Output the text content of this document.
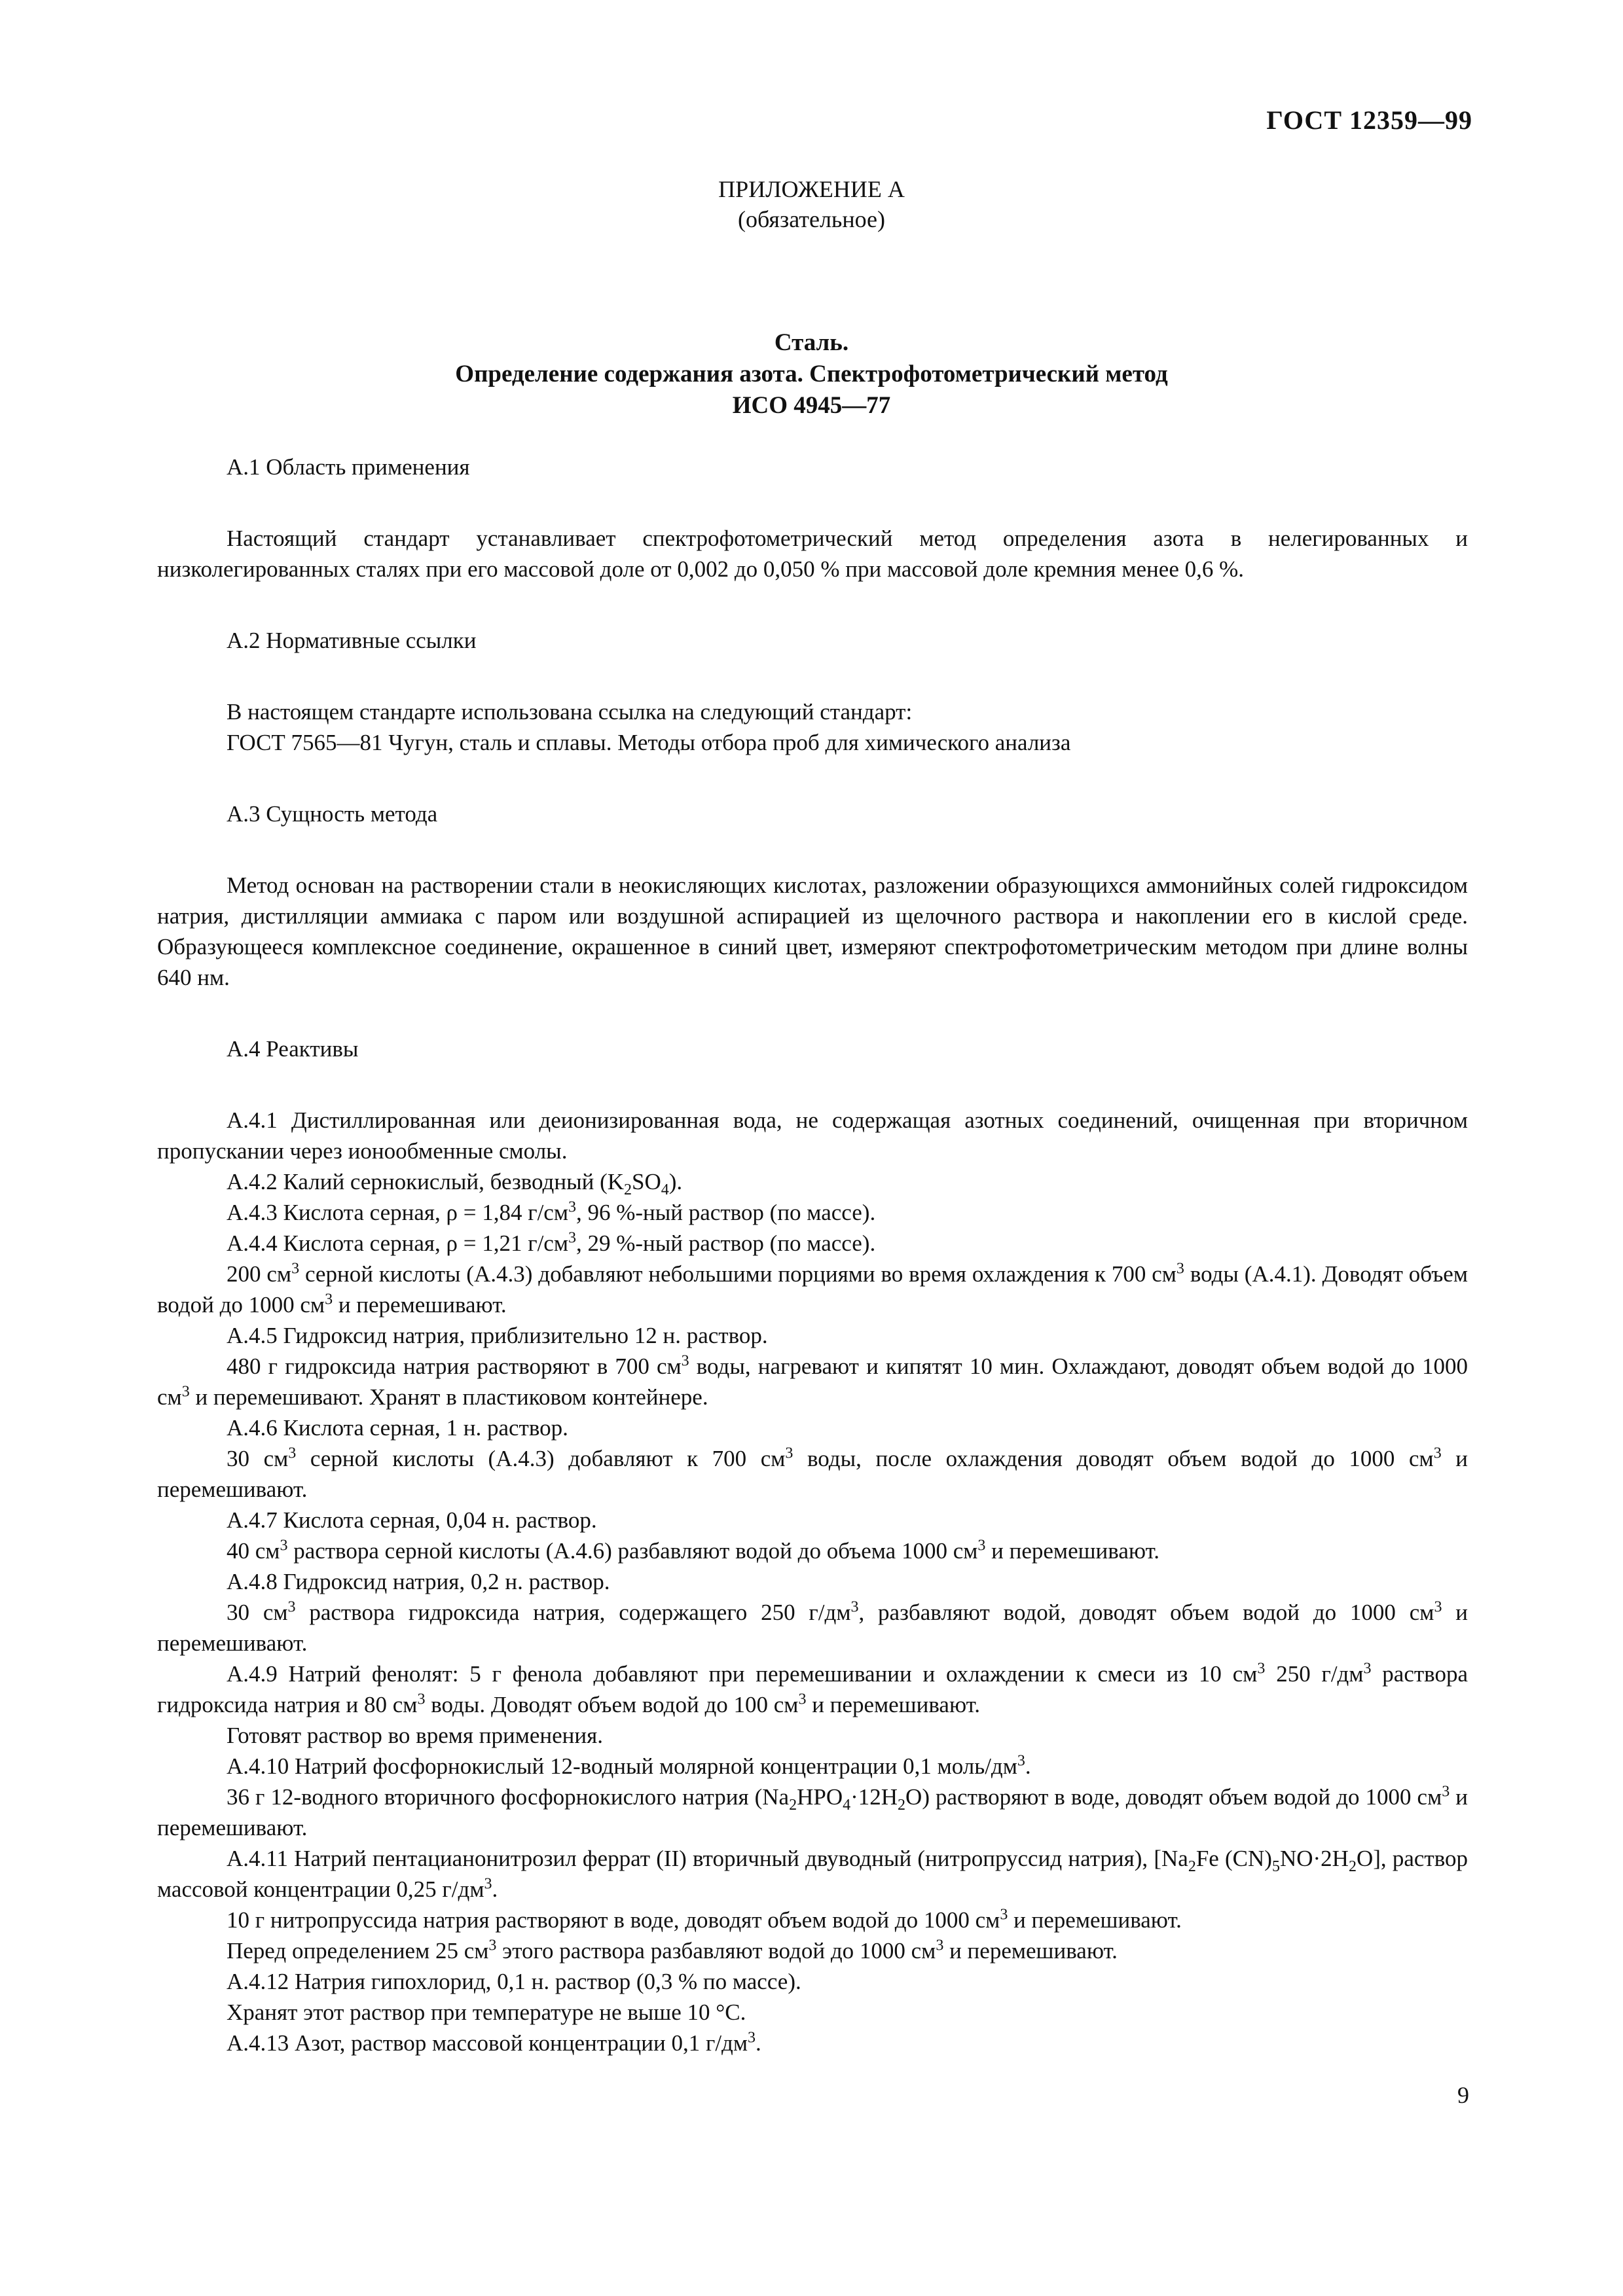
ГОСТ 12359—99
ПРИЛОЖЕНИЕ А
(обязательное)
Сталь.
Определение содержания азота. Спектрофотометрический метод
ИСО 4945—77

А.1 Область применения

Настоящий стандарт устанавливает спектрофотометрический метод определения азота в нелегированных и низколегированных сталях при его массовой доле от 0,002 до 0,050 % при массовой доле кремния менее 0,6 %.

А.2 Нормативные ссылки

В настоящем стандарте использована ссылка на следующий стандарт:

ГОСТ 7565—81 Чугун, сталь и сплавы. Методы отбора проб для химического анализа

А.3 Сущность метода

Метод основан на растворении стали в неокисляющих кислотах, разложении образующихся аммонийных солей гидроксидом натрия, дистилляции аммиака с паром или воздушной аспирацией из щелочного раствора и накоплении его в кислой среде. Образующееся комплексное соединение, окрашенное в синий цвет, измеряют спектрофотометрическим методом при длине волны 640 нм.

А.4 Реактивы

А.4.1 Дистиллированная или деионизированная вода, не содержащая азотных соединений, очищенная при вторичном пропускании через ионообменные смолы.

А.4.2 Калий сернокислый, безводный $(K_2SO_4)$.

А.4.3 Кислота серная, ρ = 1,84 $г/см^3$, 96 %-ный раствор (по массе).

А.4.4 Кислота серная, ρ = 1,21 $г/см^3$, 29 %-ный раствор (по массе).

200 $см^3$ серной кислоты (А.4.3) добавляют небольшими порциями во время охлаждения к 700 $см^3$ воды (А.4.1). Доводят объем водой до 1000 $см^3$ и перемешивают.

А.4.5 Гидроксид натрия, приблизительно 12 н. раствор.

480 г гидроксида натрия растворяют в 700 $см^3$ воды, нагревают и кипятят 10 мин. Охлаждают, доводят объем водой до 1000 $см^3$ и перемешивают. Хранят в пластиковом контейнере.

А.4.6 Кислота серная, 1 н. раствор.

30 $см^3$ серной кислоты (А.4.3) добавляют к 700 $см^3$ воды, после охлаждения доводят объем водой до 1000 $см^3$ и перемешивают.

А.4.7 Кислота серная, 0,04 н. раствор.

40 $см^3$ раствора серной кислоты (А.4.6) разбавляют водой до объема 1000 $см^3$ и перемешивают.

А.4.8 Гидроксид натрия, 0,2 н. раствор.

30 $см^3$ раствора гидроксида натрия, содержащего 250 $г/дм^3$, разбавляют водой, доводят объем водой до 1000 $см^3$ и перемешивают.

А.4.9 Натрий фенолят: 5 г фенола добавляют при перемешивании и охлаждении к смеси из 10 $см^3$ 250 $г/дм^3$ раствора гидроксида натрия и 80 $см^3$ воды. Доводят объем водой до 100 $см^3$ и перемешивают.

Готовят раствор во время применения.

А.4.10 Натрий фосфорнокислый 12-водный молярной концентрации 0,1 моль/$дм^3$.

36 г 12-водного вторичного фосфорнокислого натрия $(Na_2HPO_4\cdot 12H_2O)$ растворяют в воде, доводят объем водой до 1000 $см^3$ и перемешивают.

А.4.11 Натрий пентацианонитрозил феррат (II) вторичный двуводный (нитропруссид натрия), [$Na_2Fe$ $(CN)_5NO\cdot 2H_2O$], раствор массовой концентрации 0,25 $г/дм^3$.

10 г нитропруссида натрия растворяют в воде, доводят объем водой до 1000 $см^3$ и перемешивают.

Перед определением 25 $см^3$ этого раствора разбавляют водой до 1000 $см^3$ и перемешивают.

А.4.12 Натрия гипохлорид, 0,1 н. раствор (0,3 % по массе).

Хранят этот раствор при температуре не выше 10 °С.

А.4.13 Азот, раствор массовой концентрации 0,1 $г/дм^3$.

9
